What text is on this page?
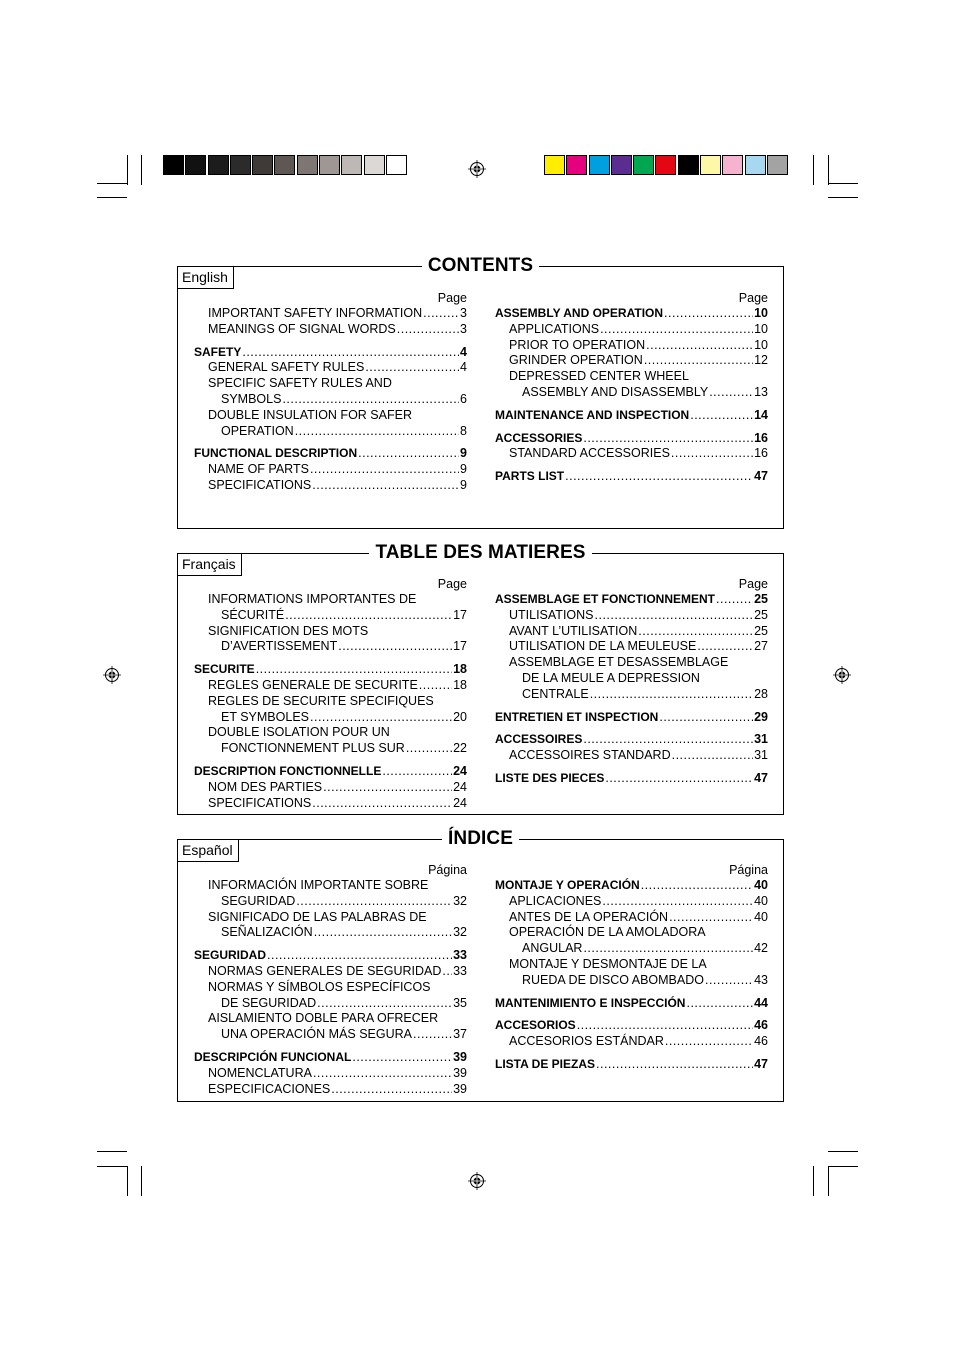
CONTENTS
English
Page
IMPORTANT SAFETY INFORMATION .....	3
MEANINGS OF SIGNAL WORDS .....	3
SAFETY .....	4
GENERAL SAFETY RULES .....	4
SPECIFIC SAFETY RULES AND
SYMBOLS .....	6
DOUBLE INSULATION FOR SAFER
OPERATION .....	8
FUNCTIONAL DESCRIPTION .....	9
NAME OF PARTS .....	9
SPECIFICATIONS .....	9
Page
ASSEMBLY AND OPERATION .....	10
APPLICATIONS .....	10
PRIOR TO OPERATION .....	10
GRINDER OPERATION .....	12
DEPRESSED CENTER WHEEL
ASSEMBLY AND DISASSEMBLY .....	13
MAINTENANCE AND INSPECTION .....	14
ACCESSORIES .....	16
STANDARD ACCESSORIES .....	16
PARTS LIST .....	47
TABLE DES MATIERES
Français
Page
INFORMATIONS IMPORTANTES DE
SÉCURITÉ .....	17
SIGNIFICATION DES MOTS
D’AVERTISSEMENT .....	17
SECURITE .....	18
REGLES GENERALE DE SECURITE .....	18
REGLES DE SECURITE SPECIFIQUES
ET SYMBOLES .....	20
DOUBLE ISOLATION POUR UN
FONCTIONNEMENT PLUS SUR .....	22
DESCRIPTION FONCTIONNELLE .....	24
NOM DES PARTIES .....	24
SPECIFICATIONS .....	24
Page
ASSEMBLAGE ET FONCTIONNEMENT .....	25
UTILISATIONS .....	25
AVANT L’UTILISATION .....	25
UTILISATION DE LA MEULEUSE .....	27
ASSEMBLAGE ET DESASSEMBLAGE
DE LA MEULE A DEPRESSION
CENTRALE .....	28
ENTRETIEN ET INSPECTION .....	29
ACCESSOIRES .....	31
ACCESSOIRES STANDARD .....	31
LISTE DES PIECES .....	47
ÍNDICE
Español
Página
INFORMACIÓN IMPORTANTE SOBRE
SEGURIDAD .....	32
SIGNIFICADO DE LAS PALABRAS DE
SEÑALIZACIÓN .....	32
SEGURIDAD .....	33
NORMAS GENERALES DE SEGURIDAD ..... 33
NORMAS Y SÍMBOLOS ESPECÍFICOS
DE SEGURIDAD .....	35
AISLAMIENTO DOBLE PARA OFRECER
UNA OPERACIÓN MÁS SEGURA .....	37
DESCRIPCIÓN FUNCIONAL .....	39
NOMENCLATURA .....	39
ESPECIFICACIONES .....	39
Página
MONTAJE Y OPERACIÓN .....	40
APLICACIONES .....	40
ANTES DE LA OPERACIÓN .....	40
OPERACIÓN DE LA AMOLADORA
ANGULAR .....	42
MONTAJE Y DESMONTAJE DE LA
RUEDA DE DISCO ABOMBADO .....	43
MANTENIMIENTO E INSPECCIÓN .....	44
ACCESORIOS .....	46
ACCESORIOS ESTÁNDAR .....	46
LISTA DE PIEZAS .....	47
